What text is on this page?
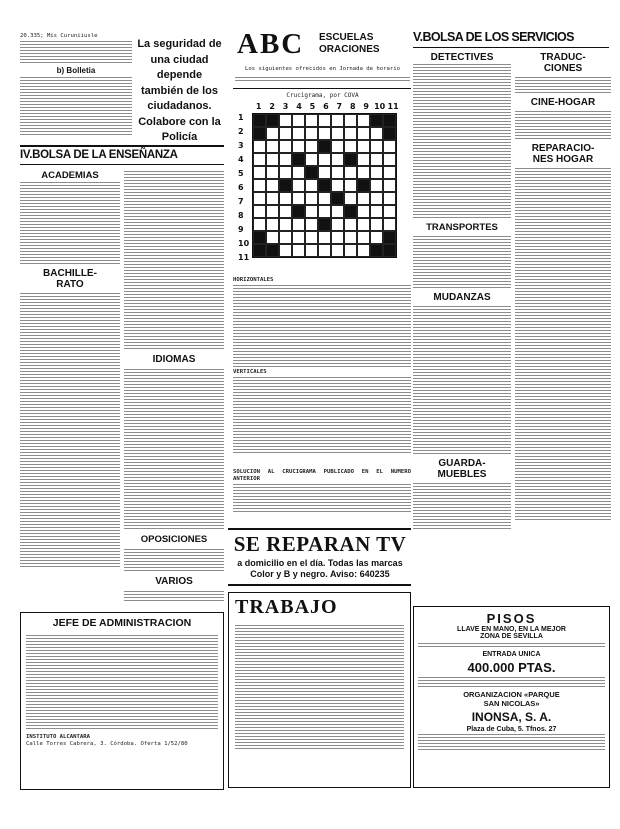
20.335; Mis Curuniiusle
b) Bolletia
La seguridad de una ciudad depende también de los ciudadanos. Colabore con la Policía
IV.BOLSA DE LA ENSEÑANZA
ACADEMIAS
BACHILLE-RATO
IDIOMAS
OPOSICIONES
VARIOS
JEFE DE ADMINISTRACION
INSTITUTO ALCANTARA
Calle Torres Cabrera, 3. Córdoba. Oferta 1/52/80
ABC ESCUELAS ORACIONES
Los siguientes ofrecidos en Jornada de horario
Crucigrama, por COVA
1 2 3 4 5 6 7 8 9 10 11
1
2
3
4
5
6
7
8
9
10
11
HORIZONTALES
VERTICALES
SOLUCION AL CRUCIGRAMA PUBLICADO EN EL NUMERO ANTERIOR
SE REPARAN TV
a domicilio en el día. Todas las marcas Color y B y negro. Aviso: 640235
TRABAJO
V.BOLSA DE LOS SERVICIOS
DETECTIVES
TRANSPORTES
MUDANZAS
GUARDA-MUEBLES
TRADUC-CIONES
CINE-HOGAR
REPARACIO-NES HOGAR
PISOS
LLAVE EN MANO, EN LA MEJOR
ZONA DE SEVILLA
ENTRADA UNICA
400.000 PTAS.
ORGANIZACION «PARQUE
SAN NICOLAS»
INONSA, S. A.
Plaza de Cuba, 5. Tfnos. 27
